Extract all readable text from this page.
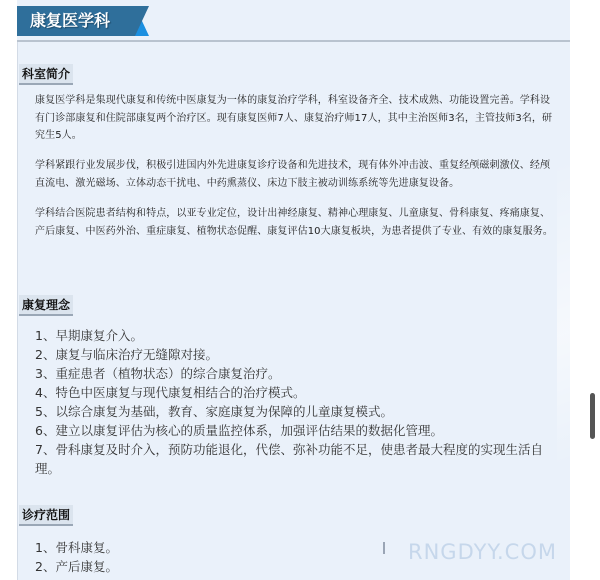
康复医学科
科室简介
康复医学科是集现代康复和传统中医康复为一体的康复治疗学科，科室设备齐全、技术成熟、功能设置完善。学科设有门诊部康复和住院部康复两个治疗区。现有康复医师7人、康复治疗师17人，其中主治医师3名，主管技师3名，研究生5人。
学科紧跟行业发展步伐，积极引进国内外先进康复诊疗设备和先进技术，现有体外冲击波、重复经颅磁刺激仪、经颅直流电、激光磁场、立体动态干扰电、中药熏蒸仪、床边下肢主被动训练系统等先进康复设备。
学科结合医院患者结构和特点，以亚专业定位，设计出神经康复、精神心理康复、儿童康复、骨科康复、疼痛康复、产后康复、中医药外治、重症康复、植物状态促醒、康复评估10大康复板块，为患者提供了专业、有效的康复服务。
康复理念
1、早期康复介入。
2、康复与临床治疗无缝隙对接。
3、重症患者（植物状态）的综合康复治疗。
4、特色中医康复与现代康复相结合的治疗模式。
5、以综合康复为基础，教育、家庭康复为保障的儿童康复模式。
6、建立以康复评估为核心的质量监控体系，加强评估结果的数据化管理。
7、骨科康复及时介入，预防功能退化，代偿、弥补功能不足，使患者最大程度的实现生活自理。
诊疗范围
1、骨科康复。
2、产后康复。
RNGDYY.COM
